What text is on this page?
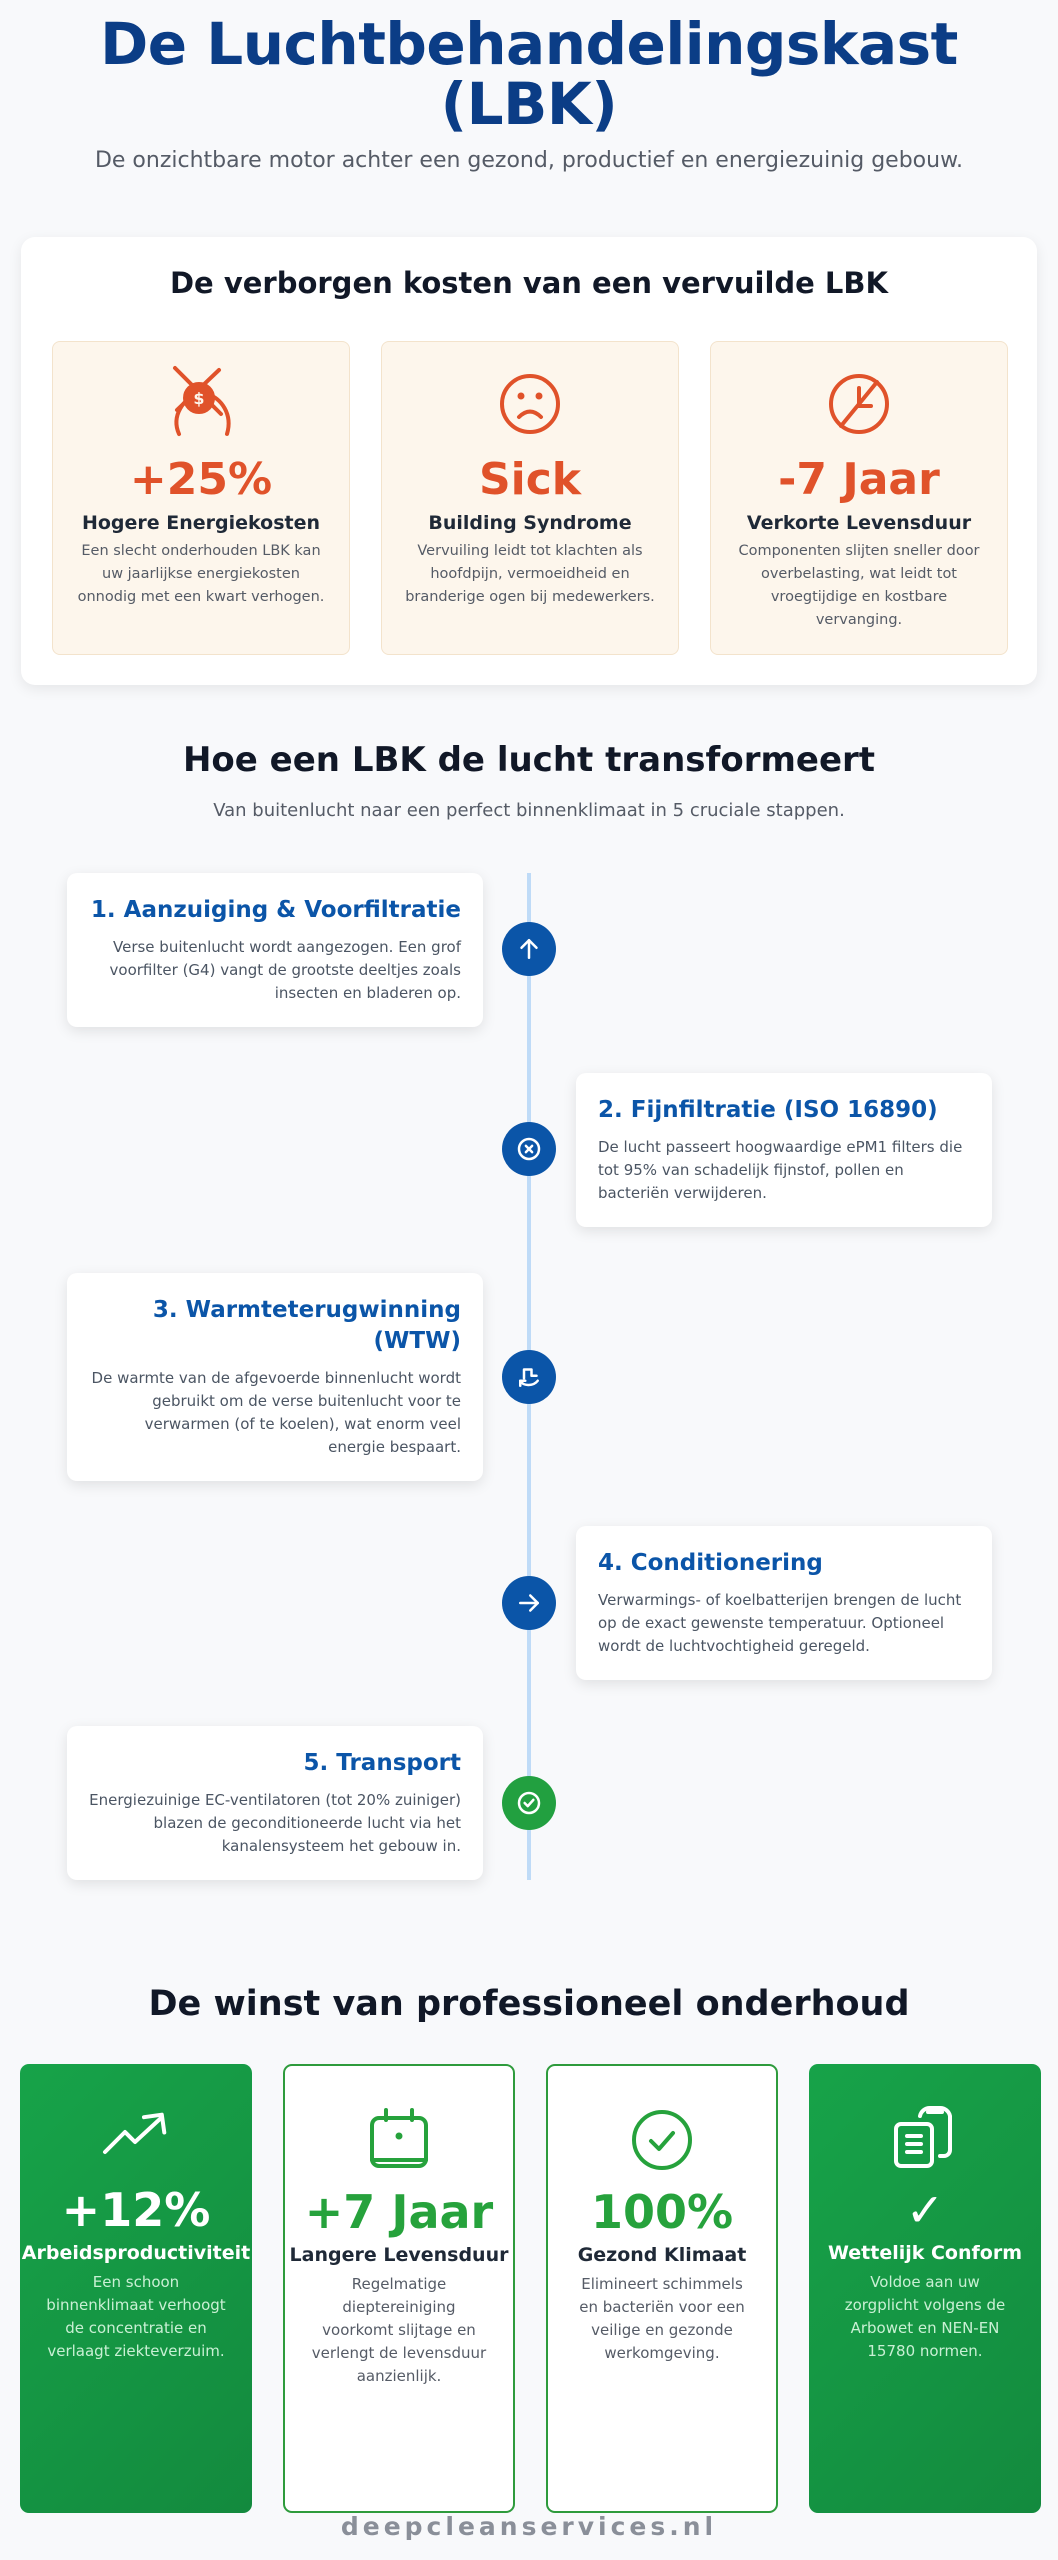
De Luchtbehandelingskast (LBK)

De onzichtbare motor achter een gezond, productief en energiezuinig gebouw.

De verborgen kosten van een vervuilde LBK
$
+25%
Hogere Energiekosten
Een slecht onderhouden LBK kan uw jaarlijkse energiekosten onnodig met een kwart verhogen.
Sick
Building Syndrome
Vervuiling leidt tot klachten als hoofdpijn, vermoeidheid en branderige ogen bij medewerkers.
-7 Jaar
Verkorte Levensduur
Componenten slijten sneller door overbelasting, wat leidt tot vroegtijdige en kostbare vervanging.
Hoe een LBK de lucht transformeert

Van buitenlucht naar een perfect binnenklimaat in 5 cruciale stappen.

1. Aanzuiging & Voorfiltratie

Verse buitenlucht wordt aangezogen. Een grof voorfilter (G4) vangt de grootste deeltjes zoals insecten en bladeren op.

2. Fijnfiltratie (ISO 16890)

De lucht passeert hoogwaardige ePM1 filters die tot 95% van schadelijk fijnstof, pollen en bacteriën verwijderen.

3. Warmteterugwinning (WTW)

De warmte van de afgevoerde binnenlucht wordt gebruikt om de verse buitenlucht voor te verwarmen (of te koelen), wat enorm veel energie bespaart.

4. Conditionering

Verwarmings- of koelbatterijen brengen de lucht op de exact gewenste temperatuur. Optioneel wordt de luchtvochtigheid geregeld.

5. Transport

Energiezuinige EC-ventilatoren (tot 20% zuiniger) blazen de geconditioneerde lucht via het kanalensysteem het gebouw in.

De winst van professioneel onderhoud
+12%
Arbeidsproductiviteit
Een schoon binnenklimaat verhoogt de concentratie en verlaagt ziekteverzuim.
+7 Jaar
Langere Levensduur
Regelmatige dieptereiniging voorkomt slijtage en verlengt de levensduur aanzienlijk.
100%
Gezond Klimaat
Elimineert schimmels en bacteriën voor een veilige en gezonde werkomgeving.
✓
Wettelijk Conform
Voldoe aan uw zorgplicht volgens de Arbowet en NEN-EN 15780 normen.
deepcleanservices.nl
